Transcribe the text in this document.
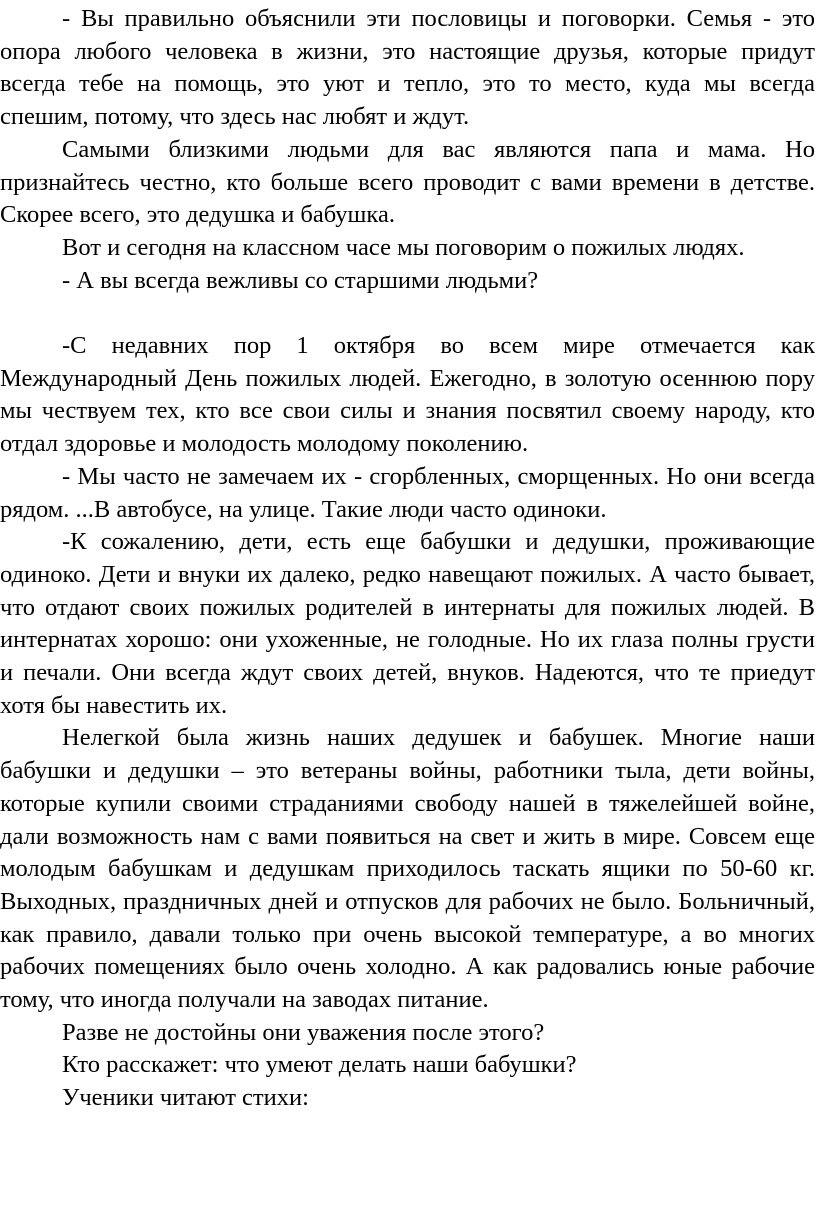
- Вы правильно объяснили эти пословицы и поговорки. Семья - это опора любого человека в жизни, это настоящие друзья, которые придут всегда тебе на помощь, это уют и тепло, это то место, куда мы всегда спешим, потому, что здесь нас любят и ждут.

Самыми близкими людьми для вас являются папа и мама. Но признайтесь честно, кто больше всего проводит с вами времени в детстве. Скорее всего, это дедушка и бабушка.

Вот и сегодня на классном часе мы поговорим о пожилых людях.

- А вы всегда вежливы со старшими людьми?

-С недавних пор 1 октября во всем мире отмечается как Международный День пожилых людей. Ежегодно, в золотую осеннюю пору мы чествуем тех, кто все свои силы и знания посвятил своему народу, кто отдал здоровье и молодость молодому поколению.

- Мы часто не замечаем их - сгорбленных, сморщенных. Но они всегда рядом. ...В автобусе, на улице. Такие люди часто одиноки.

-К сожалению, дети, есть еще бабушки и дедушки, проживающие одиноко. Дети и внуки их далеко, редко навещают пожилых. А часто бывает, что отдают своих пожилых родителей в интернаты для пожилых людей. В интернатах хорошо: они ухоженные, не голодные. Но их глаза полны грусти и печали. Они всегда ждут своих детей, внуков. Надеются, что те приедут хотя бы навестить их.

Нелегкой была жизнь наших дедушек и бабушек. Многие наши бабушки и дедушки – это ветераны войны, работники тыла, дети войны, которые купили своими страданиями свободу нашей в тяжелейшей войне, дали возможность нам с вами появиться на свет и жить в мире. Совсем еще молодым бабушкам и дедушкам приходилось таскать ящики по 50-60 кг. Выходных, праздничных дней и отпусков для рабочих не было. Больничный, как правило, давали только при очень высокой температуре, а во многих рабочих помещениях было очень холодно. А как радовались юные рабочие тому, что иногда получали на заводах питание.

Разве не достойны они уважения после этого?

Кто расскажет: что умеют делать наши бабушки?

Ученики читают стихи:
